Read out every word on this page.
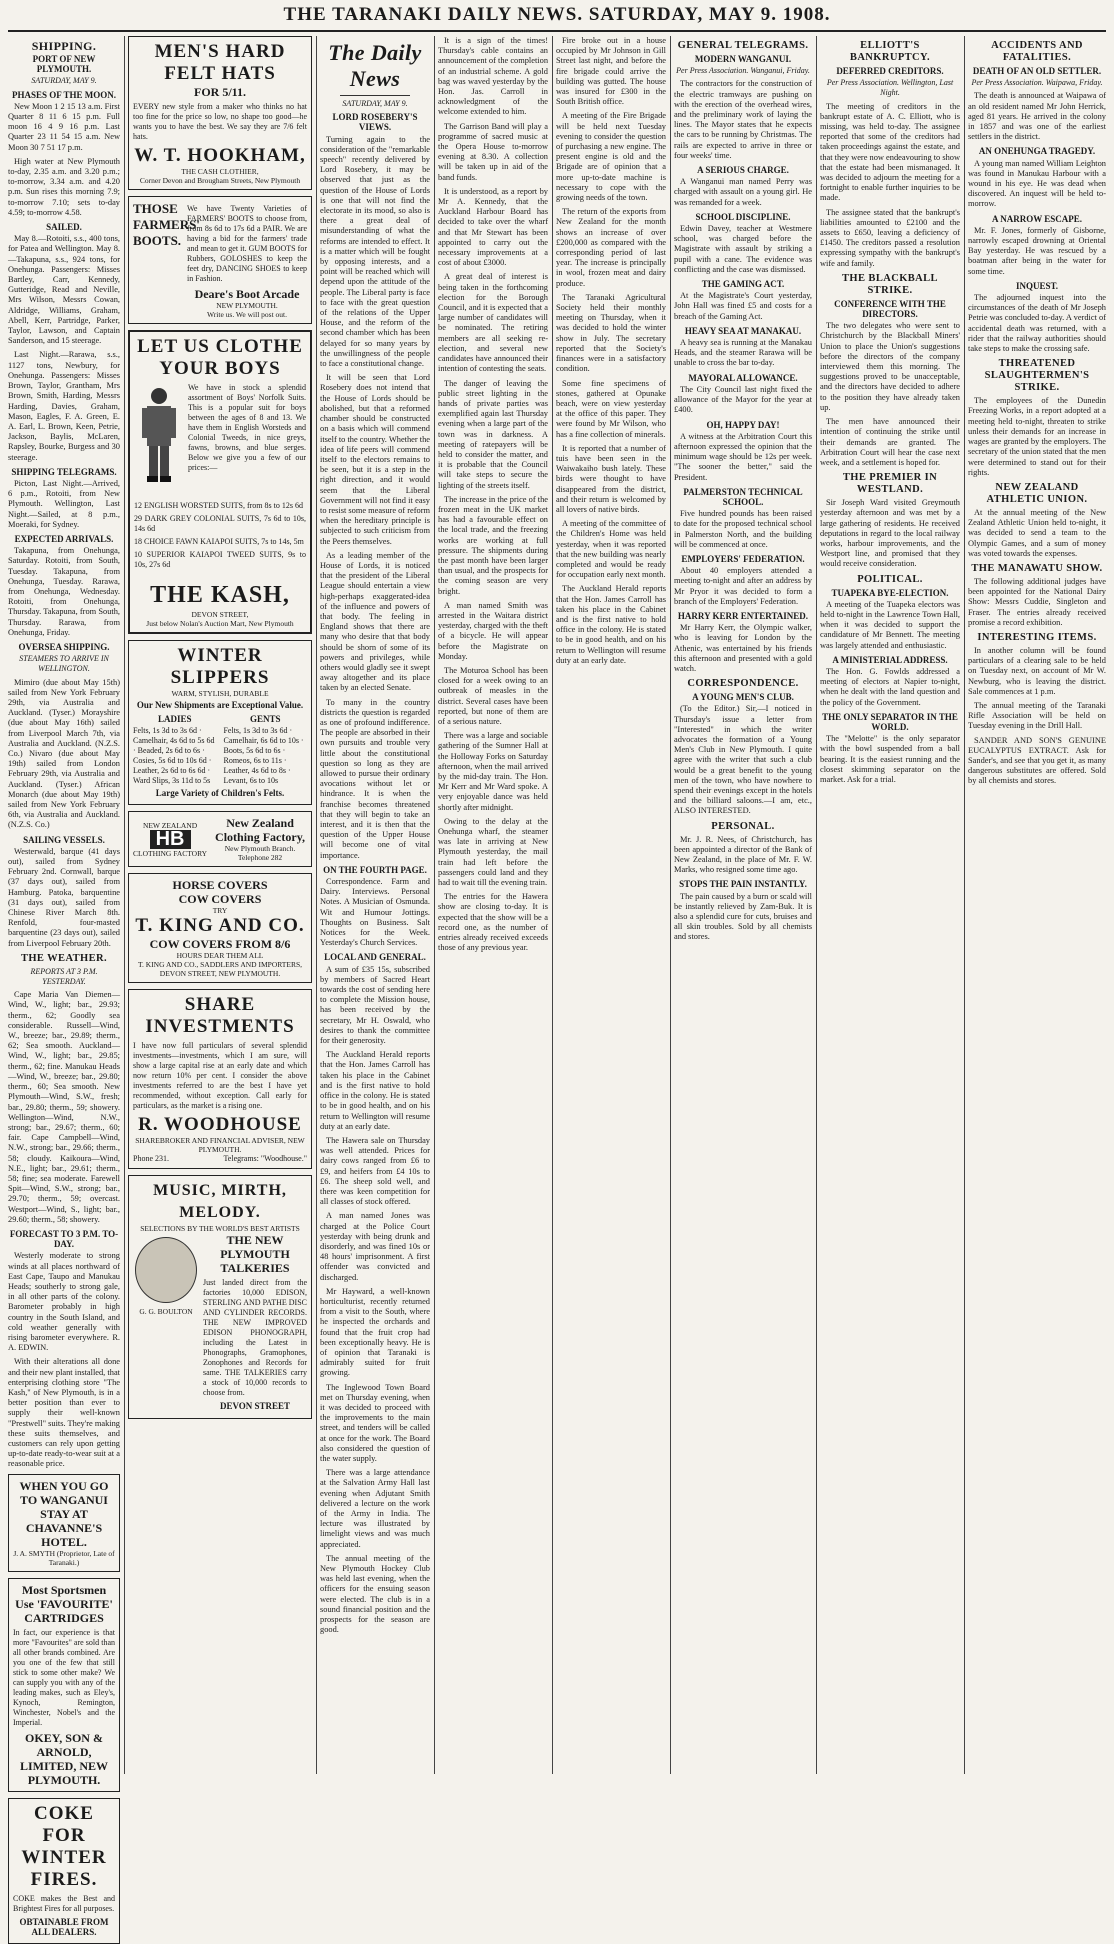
THE TARANAKI DAILY NEWS. SATURDAY, MAY 9. 1908.
SHIPPING.
PORT OF NEW PLYMOUTH.
SATURDAY, MAY 9.
PHASES OF THE MOON.

New Moon 1 2 15 13 a.m. First Quarter 8 11 6 15 p.m. Full moon 16 4 9 16 p.m. Last Quarter 23 11 54 15 a.m. New Moon 30 7 51 17 p.m.

High water at New Plymouth to-day, 2.35 a.m. and 3.20 p.m.; to-morrow, 3.34 a.m. and 4.20 p.m. Sun rises this morning 7.9; to-morrow 7.10; sets to-day 4.59; to-morrow 4.58.

SAILED.

May 8.—Rotoiti, s.s., 400 tons, for Patea and Wellington. May 8.—Takapuna, s.s., 924 tons, for Onehunga. Passengers: Misses Bartley, Carr, Kennedy, Gutteridge, Read and Neville, Mrs Wilson, Messrs Cowan, Aldridge, Williams, Graham, Abell, Kerr, Partridge, Parker, Taylor, Lawson, and Captain Sanderson, and 15 steerage.

Last Night.—Rarawa, s.s., 1127 tons, Newbury, for Onehunga. Passengers: Misses Brown, Taylor, Grantham, Mrs Brown, Smith, Harding, Messrs Harding, Davies, Graham, Mason, Eagles, F. A. Green, E. A. Earl, L. Brown, Keen, Petrie, Jackson, Baylis, McLaren, Rapsley, Bourke, Burgess and 30 steerage.

SHIPPING TELEGRAMS.

Picton, Last Night.—Arrived, 6 p.m., Rotoiti, from New Plymouth. Wellington, Last Night.—Sailed, at 8 p.m., Moeraki, for Sydney.

EXPECTED ARRIVALS.

Takapuna, from Onehunga, Saturday. Rotoiti, from South, Tuesday. Takapuna, from Onehunga, Tuesday. Rarawa, from Onehunga, Wednesday. Rotoiti, from Onehunga, Thursday. Takapuna, from South, Thursday. Rarawa, from Onehunga, Friday.

OVERSEA SHIPPING.
STEAMERS TO ARRIVE IN WELLINGTON.

Mimiro (due about May 15th) sailed from New York February 29th, via Australia and Auckland. (Tyser.) Morayshire (due about May 16th) sailed from Liverpool March 7th, via Australia and Auckland. (N.Z.S. Co.) Nivaro (due about May 19th) sailed from London February 29th, via Australia and Auckland. (Tyser.) African Monarch (due about May 19th) sailed from New York February 6th, via Australia and Auckland. (N.Z.S. Co.)

SAILING VESSELS.

Westerwald, barque (41 days out), sailed from Sydney February 2nd. Cornwall, barque (37 days out), sailed from Hamburg. Patoka, barquentine (31 days out), sailed from Chinese River March 8th. Renfold, four-masted barquentine (23 days out), sailed from Liverpool February 20th.

THE WEATHER.
REPORTS AT 3 P.M. YESTERDAY.

Cape Maria Van Diemen—Wind, W., light; bar., 29.93; therm., 62; Goodly sea considerable. Russell—Wind, W., breeze; bar., 29.89; therm., 62; Sea smooth. Auckland—Wind, W., light; bar., 29.85; therm., 62; fine. Manukau Heads—Wind, W., breeze; bar., 29.80; therm., 60; Sea smooth. New Plymouth—Wind, S.W., fresh; bar., 29.80; therm., 59; showery. Wellington—Wind, N.W., strong; bar., 29.67; therm., 60; fair. Cape Campbell—Wind, N.W., strong; bar., 29.66; therm., 58; cloudy. Kaikoura—Wind, N.E., light; bar., 29.61; therm., 58; fine; sea moderate. Farewell Spit—Wind, S.W., strong; bar., 29.70; therm., 59; overcast. Westport—Wind, S., light; bar., 29.60; therm., 58; showery.

FORECAST TO 3 P.M. TO-DAY.

Westerly moderate to strong winds at all places northward of East Cape, Taupo and Manukau Heads; southerly to strong gale, in all other parts of the colony. Barometer probably in high country in the South Island, and cold weather generally with rising barometer everywhere. R. A. EDWIN.

With their alterations all done and their new plant installed, that enterprising clothing store "The Kash," of New Plymouth, is in a better position than ever to supply their well-known "Prestwell" suits. They're making these suits themselves, and customers can rely upon getting up-to-date ready-to-wear suit at a reasonable price.

WHEN YOU GO TO WANGANUI STAY AT CHAVANNE'S HOTEL.
J. A. SMYTH (Proprietor, Late of Taranaki.)
Most Sportsmen Use 'FAVOURITE' CARTRIDGES
In fact, our experience is that more "Favourites" are sold than all other brands combined. Are you one of the few that still stick to some other make? We can supply you with any of the leading makes, such as Eley's, Kynoch, Remington, Winchester, Nobel's and the Imperial.
OKEY, SON & ARNOLD, LIMITED, NEW PLYMOUTH.
COKE FOR WINTER FIRES.
COKE makes the Best and Brightest Fires for all purposes.
OBTAINABLE FROM ALL DEALERS.
MEN'S HARD FELT HATS
FOR 5/11.
EVERY new style from a maker who thinks no hat too fine for the price so low, no shape too good—he wants you to have the best. We say they are 7/6 felt hats.
W. T. HOOKHAM,
THE CASH CLOTHIER,
Corner Devon and Brougham Streets, New Plymouth
THOSE FARMERS' BOOTS.
We have Twenty Varieties of FARMERS' BOOTS to choose from, from 8s 6d to 17s 6d a PAIR. We are having a bid for the farmers' trade and mean to get it. GUM BOOTS for Rubbers, GOLOSHES to keep the feet dry, DANCING SHOES to keep in Fashion.
Deare's Boot Arcade
NEW PLYMOUTH.
Write us. We will post out.
LET US CLOTHE YOUR BOYS
We have in stock a splendid assortment of Boys' Norfolk Suits. This is a popular suit for boys between the ages of 8 and 13. We have them in English Worsteds and Colonial Tweeds, in nice greys, fawns, browns, and blue serges. Below we give you a few of our prices:—
12 ENGLISH WORSTED SUITS, from 8s to 12s 6d
29 DARK GREY COLONIAL SUITS, 7s 6d to 10s, 14s 6d
18 CHOICE FAWN KAIAPOI SUITS, 7s to 14s, 5m
10 SUPERIOR KAIAPOI TWEED SUITS, 9s to 10s, 27s 6d
THE KASH,
DEVON STREET,
Just below Nolan's Auction Mart, New Plymouth
WINTER SLIPPERS
WARM, STYLISH, DURABLE
Our New Shipments are Exceptional Value.
LADIES
Felts, 1s 3d to 3s 6d · Camelhair, 4s 6d to 5s 6d · Beaded, 2s 6d to 6s · Cosies, 5s 6d to 10s 6d · Leather, 2s 6d to 6s 6d · Ward Slips, 3s 11d to 5s
GENTS
Felts, 1s 3d to 3s 6d · Camelhair, 6s 6d to 10s · Boots, 5s 6d to 6s · Romeos, 6s to 11s · Leather, 4s 6d to 8s · Levant, 6s to 10s
Large Variety of Children's Felts.
NEW ZEALAND
HB
CLOTHING FACTORY
New Zealand Clothing Factory,
New Plymouth Branch.
Telephone 282
HORSE COVERS
COW COVERS
TRY
T. KING AND CO.
COW COVERS FROM 8/6
HOURS DEAR THEM ALL
T. KING AND CO., SADDLERS AND IMPORTERS, DEVON STREET, NEW PLYMOUTH.
SHARE INVESTMENTS
I have now full particulars of several splendid investments—investments, which I am sure, will show a large capital rise at an early date and which now return 10% per cent. I consider the above investments referred to are the best I have yet recommended, without exception. Call early for particulars, as the market is a rising one.
R. WOODHOUSE
SHAREBROKER AND FINANCIAL ADVISER, NEW PLYMOUTH.
Phone 231.	Telegrams: "Woodhouse."
MUSIC, MIRTH, MELODY.
SELECTIONS BY THE WORLD'S BEST ARTISTS
G. G. BOULTON
THE NEW PLYMOUTH TALKERIES
Just landed direct from the factories 10,000 EDISON, STERLING AND PATHE DISC AND CYLINDER RECORDS. THE NEW IMPROVED EDISON PHONOGRAPH, including the Latest in Phonographs, Gramophones, Zonophones and Records for same. THE TALKERIES carry a stock of 10,000 records to choose from.
DEVON STREET
The Daily News
SATURDAY, MAY 9.
LORD ROSEBERY'S VIEWS.

Turning again to the consideration of the "remarkable speech" recently delivered by Lord Rosebery, it may be observed that just as the question of the House of Lords is one that will not find the electorate in its mood, so also is there a great deal of misunderstanding of what the reforms are intended to effect. It is a matter which will be fought by opposing interests, and a point will be reached which will depend upon the attitude of the people. The Liberal party is face to face with the great question of the relations of the Upper House, and the reform of the second chamber which has been delayed for so many years by the unwillingness of the people to face a constitutional change.

It will be seen that Lord Rosebery does not intend that the House of Lords should be abolished, but that a reformed chamber should be constructed on a basis which will commend itself to the country. Whether the idea of life peers will commend itself to the electors remains to be seen, but it is a step in the right direction, and it would seem that the Liberal Government will not find it easy to resist some measure of reform when the hereditary principle is subjected to such criticism from the Peers themselves.

As a leading member of the House of Lords, it is noticed that the president of the Liberal League should entertain a view high-perhaps exaggerated-idea of the influence and powers of that body. The feeling in England shows that there are many who desire that that body should be shorn of some of its powers and privileges, while others would gladly see it swept away altogether and its place taken by an elected Senate.

To many in the country districts the question is regarded as one of profound indifference. The people are absorbed in their own pursuits and trouble very little about the constitutional question so long as they are allowed to pursue their ordinary avocations without let or hindrance. It is when the franchise becomes threatened that they will begin to take an interest, and it is then that the question of the Upper House will become one of vital importance.

ON THE FOURTH PAGE.

Correspondence. Farm and Dairy. Interviews. Personal Notes. A Musician of Osmunda. Wit and Humour Jottings. Thoughts on Business. Salt Notices for the Week. Yesterday's Church Services.

LOCAL AND GENERAL.

A sum of £35 15s, subscribed by members of Sacred Heart towards the cost of sending here to complete the Mission house, has been received by the secretary, Mr H. Oswald, who desires to thank the committee for their generosity.

The Auckland Herald reports that the Hon. James Carroll has taken his place in the Cabinet and is the first native to hold office in the colony. He is stated to be in good health, and on his return to Wellington will resume duty at an early date.

The Hawera sale on Thursday was well attended. Prices for dairy cows ranged from £6 to £9, and heifers from £4 10s to £6. The sheep sold well, and there was keen competition for all classes of stock offered.

A man named Jones was charged at the Police Court yesterday with being drunk and disorderly, and was fined 10s or 48 hours' imprisonment. A first offender was convicted and discharged.

Mr Hayward, a well-known horticulturist, recently returned from a visit to the South, where he inspected the orchards and found that the fruit crop had been exceptionally heavy. He is of opinion that Taranaki is admirably suited for fruit growing.

The Inglewood Town Board met on Thursday evening, when it was decided to proceed with the improvements to the main street, and tenders will be called at once for the work. The Board also considered the question of the water supply.

There was a large attendance at the Salvation Army Hall last evening when Adjutant Smith delivered a lecture on the work of the Army in India. The lecture was illustrated by limelight views and was much appreciated.

The annual meeting of the New Plymouth Hockey Club was held last evening, when the officers for the ensuing season were elected. The club is in a sound financial position and the prospects for the season are good.

It is a sign of the times! Thursday's cable contains an announcement of the completion of an industrial scheme. A gold bag was waved yesterday by the Hon. Jas. Carroll in acknowledgment of the welcome extended to him.

The Garrison Band will play a programme of sacred music at the Opera House to-morrow evening at 8.30. A collection will be taken up in aid of the band funds.

It is understood, as a report by Mr A. Kennedy, that the Auckland Harbour Board has decided to take over the wharf and that Mr Stewart has been appointed to carry out the necessary improvements at a cost of about £3000.

A great deal of interest is being taken in the forthcoming election for the Borough Council, and it is expected that a large number of candidates will be nominated. The retiring members are all seeking re-election, and several new candidates have announced their intention of contesting the seats.

The danger of leaving the public street lighting in the hands of private parties was exemplified again last Thursday evening when a large part of the town was in darkness. A meeting of ratepayers will be held to consider the matter, and it is probable that the Council will take steps to secure the lighting of the streets itself.

The increase in the price of the frozen meat in the UK market has had a favourable effect on the local trade, and the freezing works are working at full pressure. The shipments during the past month have been larger than usual, and the prospects for the coming season are very bright.

A man named Smith was arrested in the Waitara district yesterday, charged with the theft of a bicycle. He will appear before the Magistrate on Monday.

The Moturoa School has been closed for a week owing to an outbreak of measles in the district. Several cases have been reported, but none of them are of a serious nature.

There was a large and sociable gathering of the Sumner Hall at the Holloway Forks on Saturday afternoon, when the mail arrived by the mid-day train. The Hon. Mr Kerr and Mr Ward spoke. A very enjoyable dance was held shortly after midnight.

Owing to the delay at the Onehunga wharf, the steamer was late in arriving at New Plymouth yesterday, the mail train had left before the passengers could land and they had to wait till the evening train.

The entries for the Hawera show are closing to-day. It is expected that the show will be a record one, as the number of entries already received exceeds those of any previous year.

Fire broke out in a house occupied by Mr Johnson in Gill Street last night, and before the fire brigade could arrive the building was gutted. The house was insured for £300 in the South British office.

A meeting of the Fire Brigade will be held next Tuesday evening to consider the question of purchasing a new engine. The present engine is old and the Brigade are of opinion that a more up-to-date machine is necessary to cope with the growing needs of the town.

The return of the exports from New Zealand for the month shows an increase of over £200,000 as compared with the corresponding period of last year. The increase is principally in wool, frozen meat and dairy produce.

The Taranaki Agricultural Society held their monthly meeting on Thursday, when it was decided to hold the winter show in July. The secretary reported that the Society's finances were in a satisfactory condition.

Some fine specimens of stones, gathered at Opunake beach, were on view yesterday at the office of this paper. They were found by Mr Wilson, who has a fine collection of minerals.

It is reported that a number of tuis have been seen in the Waiwakaiho bush lately. These birds were thought to have disappeared from the district, and their return is welcomed by all lovers of native birds.

A meeting of the committee of the Children's Home was held yesterday, when it was reported that the new building was nearly completed and would be ready for occupation early next month.

The Auckland Herald reports that the Hon. James Carroll has taken his place in the Cabinet and is the first native to hold office in the colony. He is stated to be in good health, and on his return to Wellington will resume duty at an early date.

GENERAL TELEGRAMS.
MODERN WANGANUI.
Per Press Association. Wanganui, Friday.

The contractors for the construction of the electric tramways are pushing on with the erection of the overhead wires, and the preliminary work of laying the lines. The Mayor states that he expects the cars to be running by Christmas. The rails are expected to arrive in three or four weeks' time.

A SERIOUS CHARGE.

A Wanganui man named Perry was charged with assault on a young girl. He was remanded for a week.

SCHOOL DISCIPLINE.

Edwin Davey, teacher at Westmere school, was charged before the Magistrate with assault by striking a pupil with a cane. The evidence was conflicting and the case was dismissed.

THE GAMING ACT.

At the Magistrate's Court yesterday, John Hall was fined £5 and costs for a breach of the Gaming Act.

HEAVY SEA AT MANAKAU.

A heavy sea is running at the Manakau Heads, and the steamer Rarawa will be unable to cross the bar to-day.

MAYORAL ALLOWANCE.

The City Council last night fixed the allowance of the Mayor for the year at £400.

OH, HAPPY DAY!

A witness at the Arbitration Court this afternoon expressed the opinion that the minimum wage should be 12s per week. "The sooner the better," said the President.

PALMERSTON TECHNICAL SCHOOL.

Five hundred pounds has been raised to date for the proposed technical school in Palmerston North, and the building will be commenced at once.

EMPLOYERS' FEDERATION.

About 40 employers attended a meeting to-night and after an address by Mr Pryor it was decided to form a branch of the Employers' Federation.

HARRY KERR ENTERTAINED.

Mr Harry Kerr, the Olympic walker, who is leaving for London by the Athenic, was entertained by his friends this afternoon and presented with a gold watch.

CORRESPONDENCE.
A YOUNG MEN'S CLUB.

(To the Editor.) Sir,—I noticed in Thursday's issue a letter from "Interested" in which the writer advocates the formation of a Young Men's Club in New Plymouth. I quite agree with the writer that such a club would be a great benefit to the young men of the town, who have nowhere to spend their evenings except in the hotels and the billiard saloons.—I am, etc., ALSO INTERESTED.

PERSONAL.

Mr. J. R. Nees, of Christchurch, has been appointed a director of the Bank of New Zealand, in the place of Mr. F. W. Marks, who resigned some time ago.

STOPS THE PAIN INSTANTLY.

The pain caused by a burn or scald will be instantly relieved by Zam-Buk. It is also a splendid cure for cuts, bruises and all skin troubles. Sold by all chemists and stores.

ELLIOTT'S BANKRUPTCY.
DEFERRED CREDITORS.
Per Press Association. Wellington, Last Night.

The meeting of creditors in the bankrupt estate of A. C. Elliott, who is missing, was held to-day. The assignee reported that some of the creditors had taken proceedings against the estate, and that they were now endeavouring to show that the estate had been mismanaged. It was decided to adjourn the meeting for a fortnight to enable further inquiries to be made.

The assignee stated that the bankrupt's liabilities amounted to £2100 and the assets to £650, leaving a deficiency of £1450. The creditors passed a resolution expressing sympathy with the bankrupt's wife and family.

THE BLACKBALL STRIKE.
CONFERENCE WITH THE DIRECTORS.

The two delegates who were sent to Christchurch by the Blackball Miners' Union to place the Union's suggestions before the directors of the company interviewed them this morning. The suggestions proved to be unacceptable, and the directors have decided to adhere to the position they have already taken up.

The men have announced their intention of continuing the strike until their demands are granted. The Arbitration Court will hear the case next week, and a settlement is hoped for.

THE PREMIER IN WESTLAND.

Sir Joseph Ward visited Greymouth yesterday afternoon and was met by a large gathering of residents. He received deputations in regard to the local railway works, harbour improvements, and the Westport line, and promised that they would receive consideration.

POLITICAL.
TUAPEKA BYE-ELECTION.

A meeting of the Tuapeka electors was held to-night in the Lawrence Town Hall, when it was decided to support the candidature of Mr Bennett. The meeting was largely attended and enthusiastic.

A MINISTERIAL ADDRESS.

The Hon. G. Fowlds addressed a meeting of electors at Napier to-night, when he dealt with the land question and the policy of the Government.

THE ONLY SEPARATOR IN THE WORLD.

The "Melotte" is the only separator with the bowl suspended from a ball bearing. It is the easiest running and the closest skimming separator on the market. Ask for a trial.

ACCIDENTS AND FATALITIES.
DEATH OF AN OLD SETTLER.
Per Press Association. Waipawa, Friday.

The death is announced at Waipawa of an old resident named Mr John Herrick, aged 81 years. He arrived in the colony in 1857 and was one of the earliest settlers in the district.

AN ONEHUNGA TRAGEDY.

A young man named William Leighton was found in Manukau Harbour with a wound in his eye. He was dead when discovered. An inquest will be held to-morrow.

A NARROW ESCAPE.

Mr. F. Jones, formerly of Gisborne, narrowly escaped drowning at Oriental Bay yesterday. He was rescued by a boatman after being in the water for some time.

INQUEST.

The adjourned inquest into the circumstances of the death of Mr Joseph Petrie was concluded to-day. A verdict of accidental death was returned, with a rider that the railway authorities should take steps to make the crossing safe.

THREATENED SLAUGHTERMEN'S STRIKE.

The employees of the Dunedin Freezing Works, in a report adopted at a meeting held to-night, threaten to strike unless their demands for an increase in wages are granted by the employers. The secretary of the union stated that the men were determined to stand out for their rights.

NEW ZEALAND ATHLETIC UNION.

At the annual meeting of the New Zealand Athletic Union held to-night, it was decided to send a team to the Olympic Games, and a sum of money was voted towards the expenses.

THE MANAWATU SHOW.

The following additional judges have been appointed for the National Dairy Show: Messrs Cuddie, Singleton and Fraser. The entries already received promise a record exhibition.

INTERESTING ITEMS.

In another column will be found particulars of a clearing sale to be held on Tuesday next, on account of Mr W. Newburg, who is leaving the district. Sale commences at 1 p.m.

The annual meeting of the Taranaki Rifle Association will be held on Tuesday evening in the Drill Hall.

SANDER AND SON'S GENUINE EUCALYPTUS EXTRACT. Ask for Sander's, and see that you get it, as many dangerous substitutes are offered. Sold by all chemists and stores.
